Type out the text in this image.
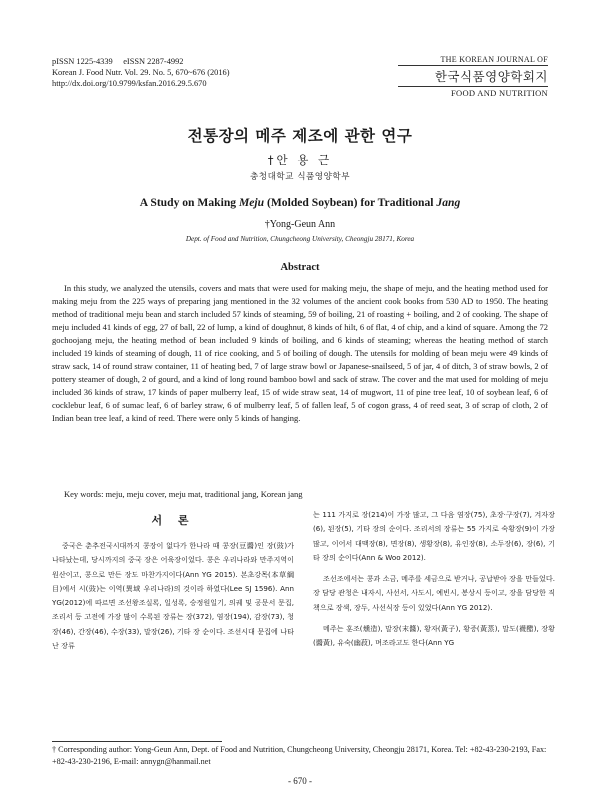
pISSN 1225-4339     eISSN 2287-4992
Korean J. Food Nutr. Vol. 29. No. 5, 670~676 (2016)
http://dx.doi.org/10.9799/ksfan.2016.29.5.670
THE KOREAN JOURNAL OF
한국식품영양학회지
FOOD AND NUTRITION
전통장의 메주 제조에 관한 연구
†안 용 근
충청대학교 식품영양학부
A Study on Making Meju (Molded Soybean) for Traditional Jang
†Yong-Geun Ann
Dept. of Food and Nutrition, Chungcheong University, Cheongju 28171, Korea
Abstract

In this study, we analyzed the utensils, covers and mats that were used for making meju, the shape of meju, and the heating method used for making meju from the 225 ways of preparing jang mentioned in the 32 volumes of the ancient cook books from 530 AD to 1950. The heating method of traditional meju bean and starch included 57 kinds of steaming, 59 of boiling, 21 of roasting + boiling, and 2 of cooking. The shape of meju included 41 kinds of egg, 27 of ball, 22 of lump, a kind of doughnut, 8 kinds of hilt, 6 of flat, 4 of chip, and a kind of square. Among the 72 gochoojang meju, the heating method of bean included 9 kinds of boiling, and 6 kinds of steaming; whereas the heating method of starch included 19 kinds of steaming of dough, 11 of rice cooking, and 5 of boiling of dough. The utensils for molding of bean meju were 49 kinds of straw sack, 14 of round straw container, 11 of heating bed, 7 of large straw bowl or Japanese-snailseed, 5 of jar, 4 of ditch, 3 of straw bowls, 2 of pottery steamer of dough, 2 of gourd, and a kind of long round bamboo bowl and sack of straw. The cover and the mat used for molding of meju included 36 kinds of straw, 17 kinds of paper mulberry leaf, 15 of wide straw seat, 14 of mugwort, 11 of pine tree leaf, 10 of soybean leaf, 6 of cocklebur leaf, 6 of sumac leaf, 6 of barley straw, 6 of mulberry leaf, 5 of fallen leaf, 5 of cogon grass, 4 of reed seat, 3 of scrap of cloth, 2 of Indian bean tree leaf, a kind of reed. There were only 5 kinds of hanging.

Key words: meju, meju cover, meju mat, traditional jang, Korean jang

서 론

중국은 춘추전국시대까지 콩장이 없다가 한나라 때 콩장(豆醬)인 장(豉)가 나타났는데, 당시까지의 중국 장은 어육장이었다. 콩은 우리나라와 만주지역이 원산이고, 콩으로 만든 장도 마찬가지이다(Ann YG 2015). 본초강목(本草綱目)에서 시(豉)는 이역(異域 우리나라)의 것이라 하였다(Lee SJ 1596). Ann YG(2012)에 따르면 조선왕조실록, 일성록, 승정원일기, 의궤 및 공문서 문집, 조리서 등 고전에 가장 많이 수록된 장류는 장(372), 염장(194), 감장(73), 청장(46), 간장(46), 수장(33), 말장(26), 기타 장 순이다. 조선시대 문집에 나타난 장류

는 111 가지로 장(214)이 가장 많고, 그 다음 염장(75), 초장·구장(7), 겨자장(6), 된장(5), 기타 장의 순이다. 조리서의 장류는 55 가지로 숙황장(9)이 가장 많고, 이어서 대맥장(8), 면장(8), 생황장(8), 유인장(8), 소두장(6), 장(6), 기타 장의 순이다(Ann & Woo 2012).

조선조에서는 콩과 소금, 메주를 세금으로 받거나, 공납받아 장을 만들었다. 장 담당 관청은 내자시, 사선서, 사도시, 예빈시, 봉상시 등이고, 장을 담당한 직책으로 장색, 장두, 사선식장 등이 있었다(Ann YG 2012).

메주는 훈조(燻造), 말장(末醬), 황자(黃子), 황증(黃蒸), 말도(襪醋), 장황(醬黃), 유숙(幽菽), 며조라고도 한다(Ann YG

† Corresponding author: Yong-Geun Ann, Dept. of Food and Nutrition, Chungcheong University, Cheongju 28171, Korea. Tel: +82-43-230-2193, Fax: +82-43-230-2196, E-mail: annygn@hanmail.net
- 670 -
